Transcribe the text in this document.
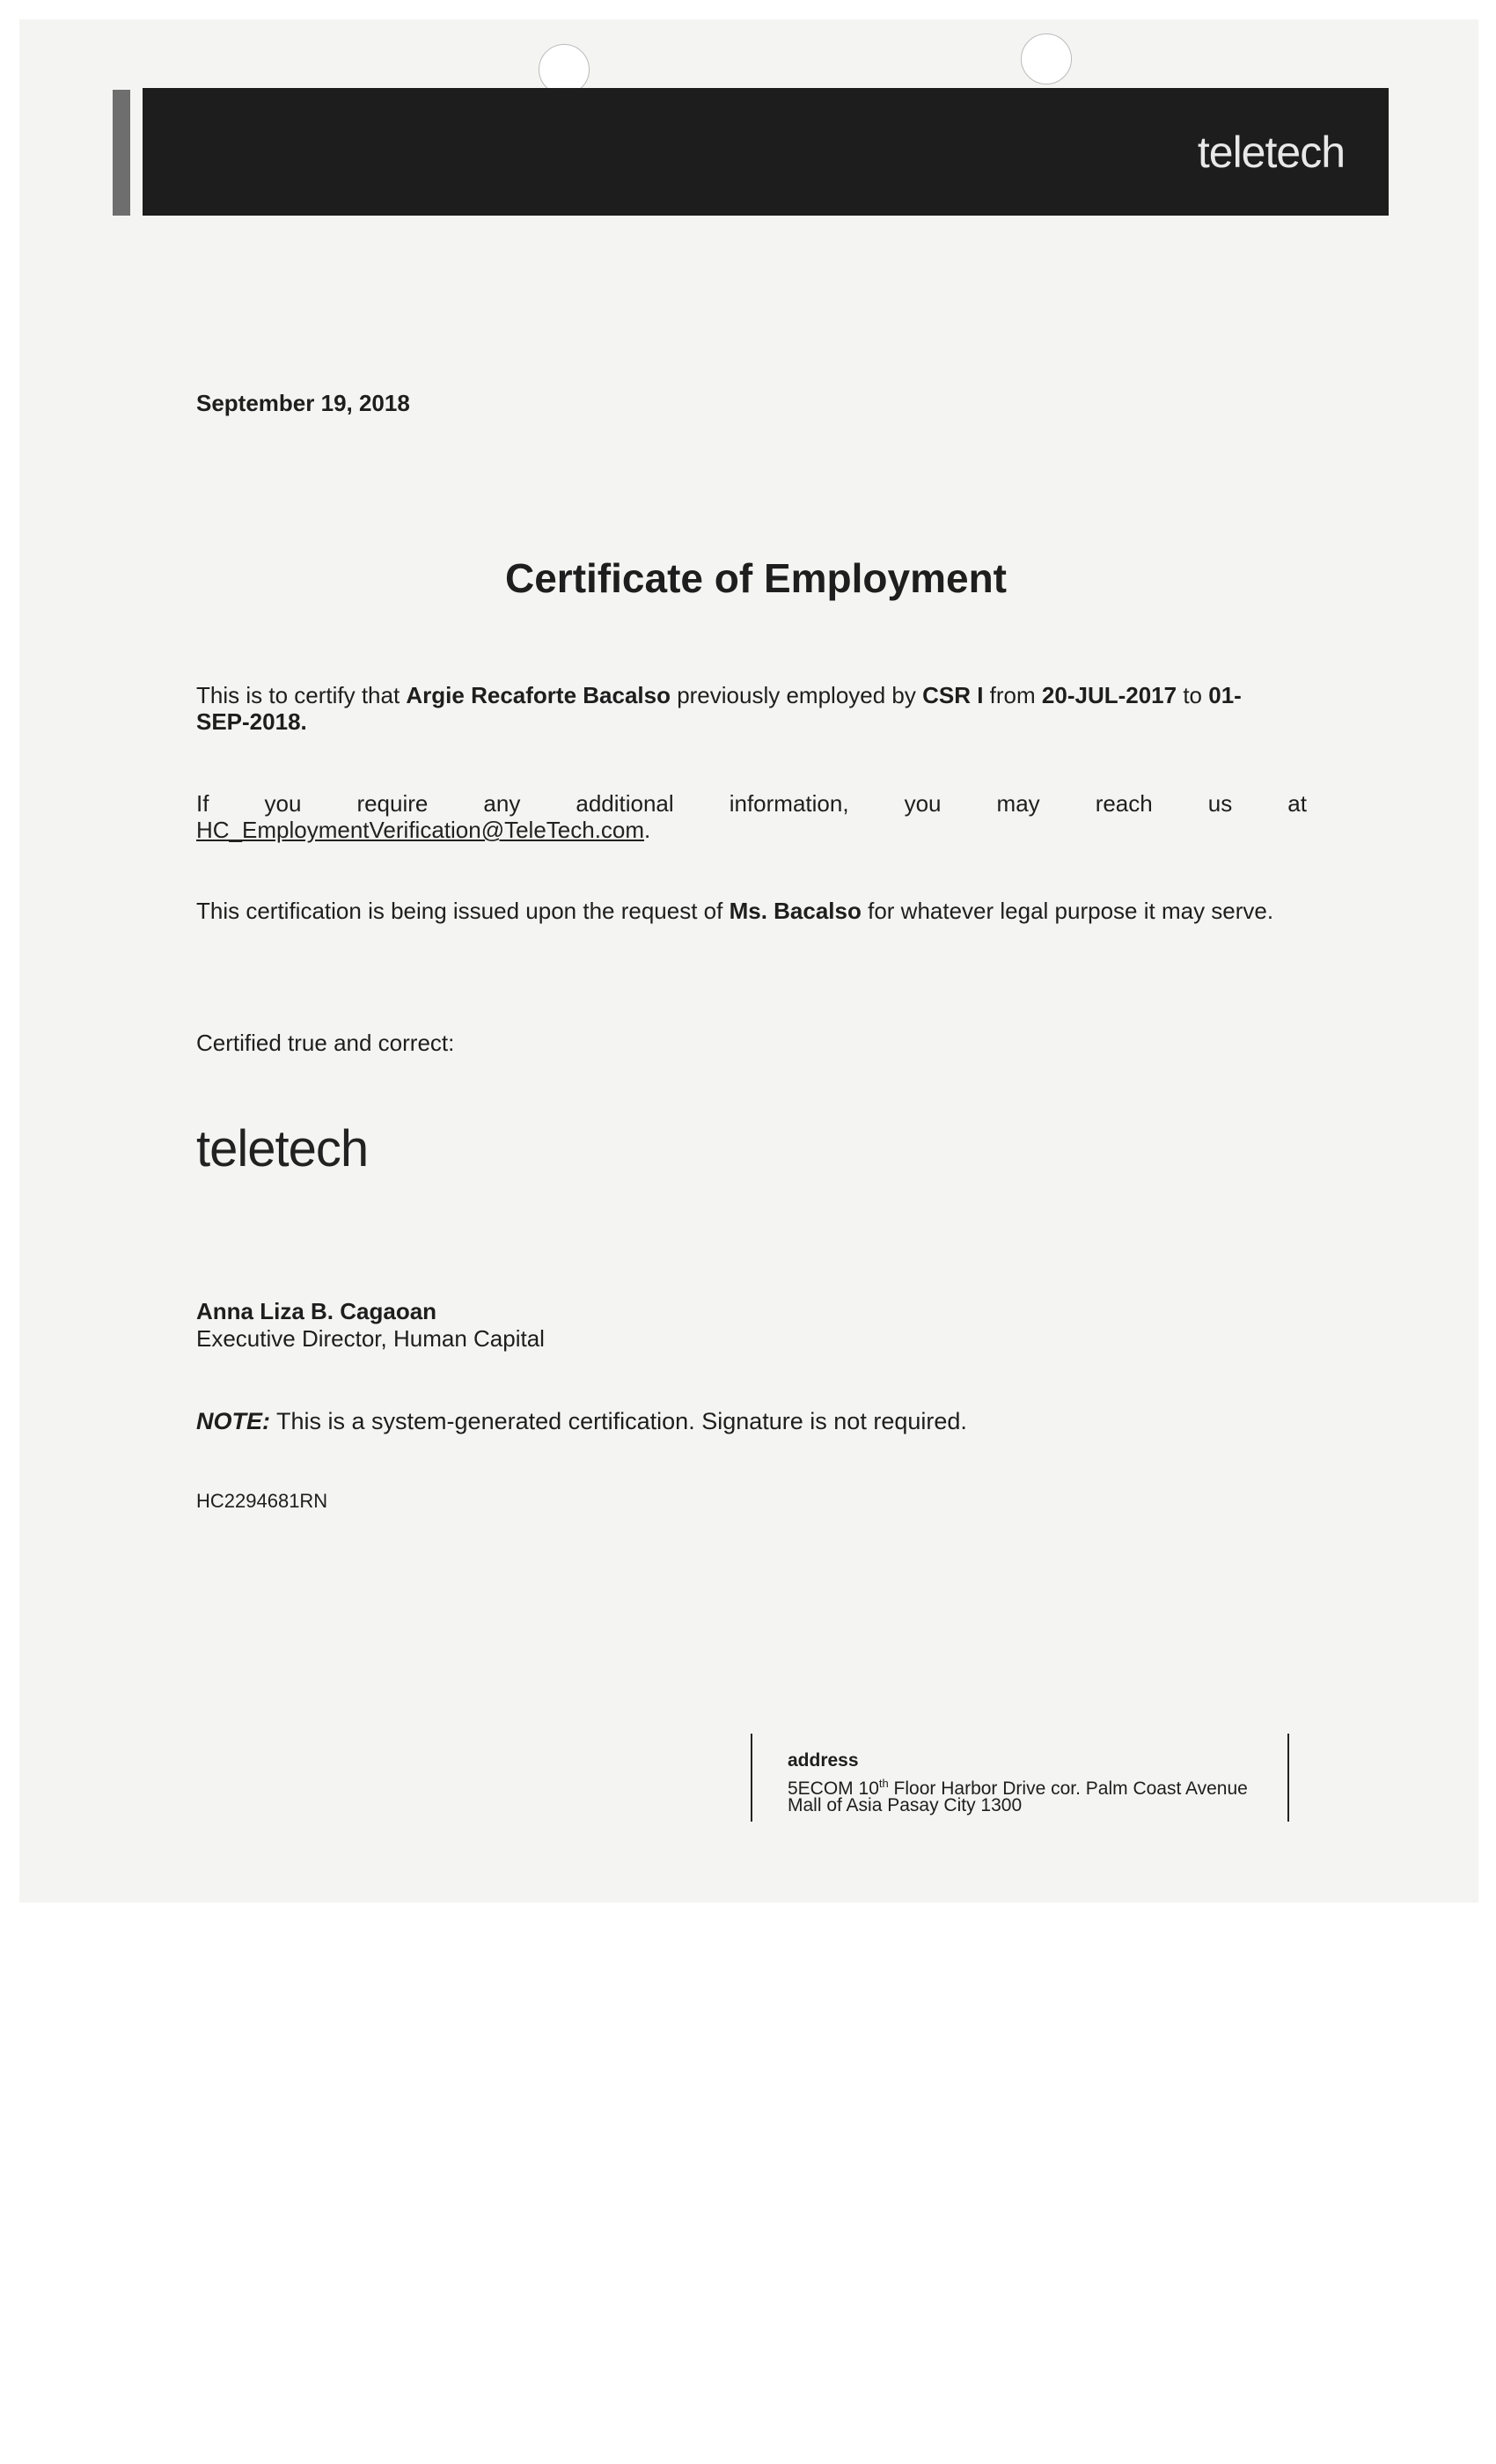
teletech
September 19, 2018
Certificate of Employment
This is to certify that Argie Recaforte Bacalso previously employed by CSR I from 20-JUL-2017 to 01-SEP-2018.
If you require any additional information, you may reach us at
HC_EmploymentVerification@TeleTech.com.
This certification is being issued upon the request of Ms. Bacalso for whatever legal purpose it may serve.
Certified true and correct:
teletech
Anna Liza B. Cagaoan
Executive Director, Human Capital
NOTE: This is a system-generated certification. Signature is not required.
HC2294681RN
address
5ECOM 10th Floor Harbor Drive cor. Palm Coast Avenue
Mall of Asia Pasay City 1300
